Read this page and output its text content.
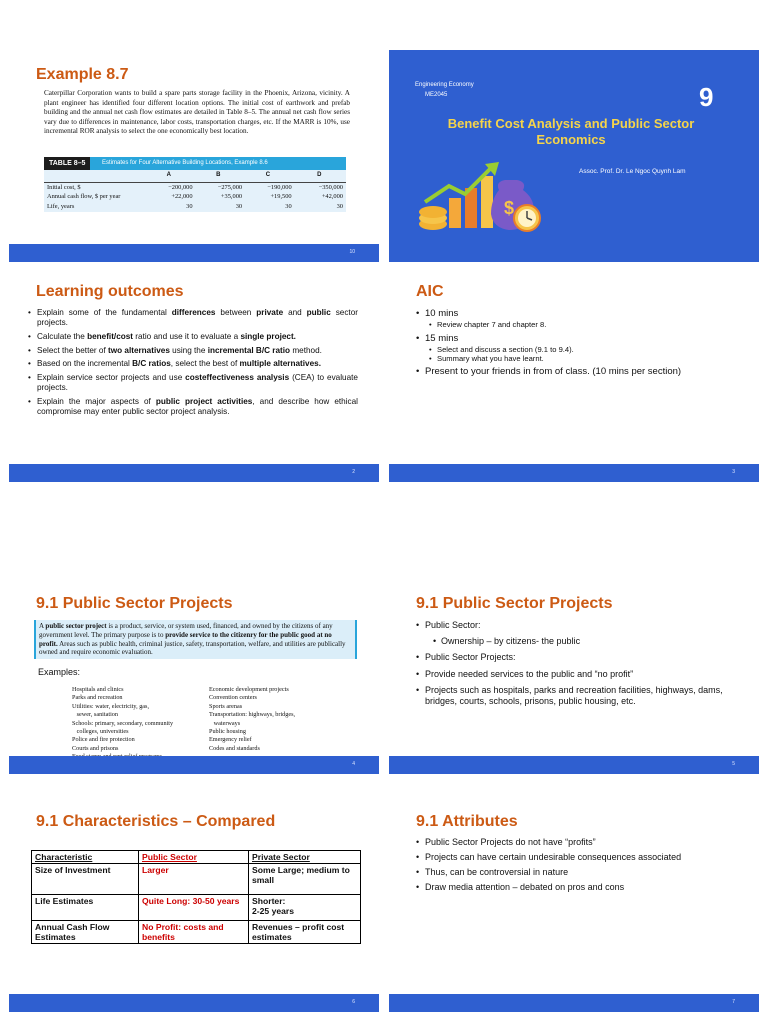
Example 8.7
Caterpillar Corporation wants to build a spare parts storage facility in the Phoenix, Arizona, vicinity. A plant engineer has identified four different location options. The initial cost of earthwork and prefab building and the annual net cash flow estimates are detailed in Table 8–5. The annual net cash flow series vary due to differences in maintenance, labor costs, transportation charges, etc. If the MARR is 10%, use incremental ROR analysis to select the one economically best location.
TABLE 8–5	Estimates for Four Alternative Building Locations, Example 8.6
	A	B	C	D
Initial cost, $	−200,000	−275,000	−190,000	−350,000
Annual cash flow, $ per year	+22,000	+35,000	+19,500	+42,000
Life, years	30	30	30	30
10
Engineering Economy
ME2045	9
Benefit Cost Analysis and Public Sector Economics
Assoc. Prof. Dr. Le Ngoc Quynh Lam
$
Learning outcomes
• Explain some of the fundamental differences between private and public sector projects.
• Calculate the benefit/cost ratio and use it to evaluate a single project.
• Select the better of two alternatives using the incremental B/C ratio method.
• Based on the incremental B/C ratios, select the best of multiple alternatives.
• Explain service sector projects and use costeffectiveness analysis (CEA) to evaluate projects.
• Explain the major aspects of public project activities, and describe how ethical compromise may enter public sector project analysis.
2
AIC
• 10 mins
• Review chapter 7 and chapter 8.
• 15 mins
• Select and discuss a section (9.1 to 9.4).
• Summary what you have learnt.
• Present to your friends in from of class. (10 mins per section)
3
9.1 Public Sector Projects
A public sector project is a product, service, or system used, financed, and owned by the citizens of any government level. The primary purpose is to provide service to the citizenry for the public good at no profit. Areas such as public health, criminal justice, safety, transportation, welfare, and utilities are publically owned and require economic evaluation.
Examples:
Hospitals and clinics
Parks and recreation
Utilities: water, electricity, gas,
sewer, sanitation
Schools: primary, secondary, community
colleges, universities
Police and fire protection
Courts and prisons
Economic development projects
Convention centers
Sports arenas
Transportation: highways, bridges,
waterways
Public housing
Emergency relief
Codes and standards
4
9.1 Public Sector Projects
• Public Sector:
• Ownership – by citizens- the public
• Public Sector Projects:
• Provide needed services to the public and “no profit”
• Projects such as hospitals, parks and recreation facilities, highways, dams, bridges, courts, schools, prisons, public housing, etc.
5
9.1 Characteristics – Compared
Characteristic	Public Sector	Private Sector
Size of Investment	Larger	Some Large; medium to small
Life Estimates	Quite Long: 30-50 years	Shorter:
2-25 years
Annual Cash Flow Estimates	No Profit: costs and benefits	Revenues – profit cost estimates
6
9.1 Attributes
• Public Sector Projects do not have “profits”
• Projects can have certain undesirable consequences associated
• Thus, can be controversial in nature
• Draw media attention – debated on pros and cons
7
